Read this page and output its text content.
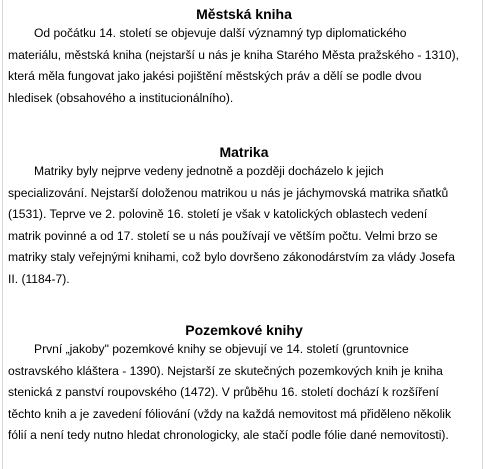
Městská kniha

Od počátku 14. století se objevuje další významný typ diplomatického
materiálu, městská kniha (nejstarší u nás je kniha Starého Města pražského - 1310),
která měla fungovat jako jakési pojištění městských práv a dělí se podle dvou
hledisek (obsahového a institucionálního).

Matrika

Matriky byly nejprve vedeny jednotně a později docházelo k jejich
specializování. Nejstarší doloženou matrikou u nás je jáchymovská matrika sňatků
(1531). Teprve ve 2. polovině 16. století je však v katolických oblastech vedení
matrik povinné a od 17. století se u nás používají ve větším počtu. Velmi brzo se
matriky staly veřejnými knihami, což bylo dovršeno zákonodárstvím za vlády Josefa
II. (1184-7).

Pozemkové knihy

První „jakoby" pozemkové knihy se objevují ve 14. století (gruntovnice
ostravského kláštera - 1390). Nejstarší ze skutečných pozemkových knih je kniha
stenická z panství roupovského (1472). V průběhu 16. století dochází k rozšíření
těchto knih a je zavedení fóliování (vždy na každá nemovitost má přiděleno několik
fólií a není tedy nutno hledat chronologicky, ale stačí podle fólie dané nemovitosti).
